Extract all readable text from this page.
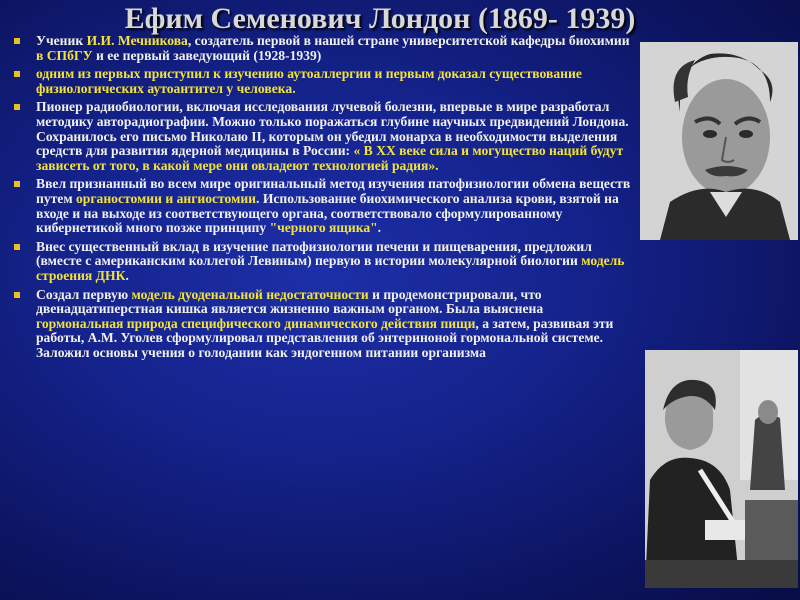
Ефим Семенович Лондон (1869- 1939)
Ученик И.И. Мечникова, создатель первой в нашей стране университетской кафедры биохимии в СПбГУ и ее первый заведующий (1928-1939)
одним из первых приступил к изучению аутоаллергии и первым доказал существование физиологических аутоантител у человека.
Пионер радиобиологии, включая исследования лучевой болезни, впервые в мире разработал методику авторадиографии. Можно только поражаться глубине научных предвидений Лондона. Сохранилось его письмо Николаю II, которым он убедил монарха в необходимости выделения средств для развития ядерной медицины в России: « В XX веке сила и могущество наций будут зависеть от того, в какой мере они овладеют технологией радия».
Ввел признанный во всем мире оригинальный метод изучения патофизиологии обмена веществ путем органостомии и ангиостомии. Использование биохимического анализа крови, взятой на входе и на выходе из соответствующего органа, соответствовало сформулированному кибернетикой много позже принципу "черного ящика".
Внес существенный вклад в изучение патофизиологии печени и пищеварения, предложил (вместе с американским коллегой Левиным) первую в истории молекулярной биологии модель строения ДНК.
Создал первую модель дуоденальной недостаточности и продемонстрировали, что двенадцатиперстная кишка является жизненно важным органом. Была выяснена гормональная природа специфического динамического действия пищи, а затем, развивая эти работы, А.М. Уголев сформулировал представления об энтериноной гормональной системе. Заложил основы учения о голодании как эндогенном питании организма
